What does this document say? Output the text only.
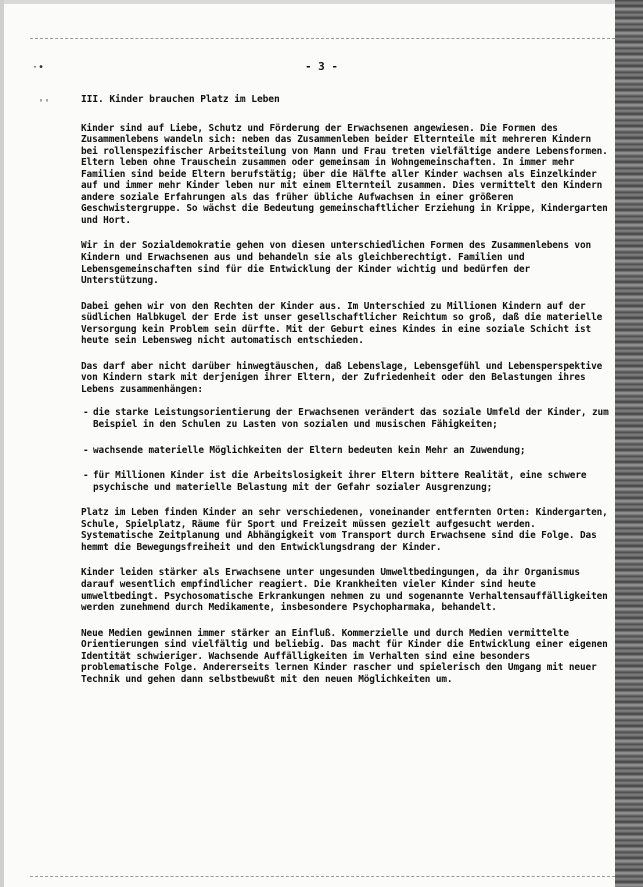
·•
''
- 3 -
III. Kinder brauchen Platz im Leben

Kinder sind auf Liebe, Schutz und Förderung der Erwachsenen angewiesen. Die Formen des Zusammenlebens wandeln sich: neben das Zusammenleben beider Elternteile mit mehreren Kindern bei rollenspezifischer Arbeitsteilung von Mann und Frau treten vielfältige andere Lebensformen. Eltern leben ohne Trauschein zusammen oder gemeinsam in Wohngemeinschaften. In immer mehr Familien sind beide Eltern berufstätig; über die Hälfte aller Kinder wachsen als Einzelkinder auf und immer mehr Kinder leben nur mit einem Elternteil zusammen. Dies vermittelt den Kindern andere soziale Erfahrungen als das früher übliche Aufwachsen in einer größeren Geschwistergruppe. So wächst die Bedeutung gemeinschaftlicher Erziehung in Krippe, Kindergarten und Hort.

Wir in der Sozialdemokratie gehen von diesen unterschiedlichen Formen des Zusammenlebens von Kindern und Erwachsenen aus und behandeln sie als gleichberechtigt. Familien und Lebensgemeinschaften sind für die Entwicklung der Kinder wichtig und bedürfen der Unterstützung.

Dabei gehen wir von den Rechten der Kinder aus. Im Unterschied zu Millionen Kindern auf der südlichen Halbkugel der Erde ist unser gesellschaftlicher Reichtum so groß, daß die materielle Versorgung kein Problem sein dürfte. Mit der Geburt eines Kindes in eine soziale Schicht ist heute sein Lebensweg nicht automatisch entschieden.

Das darf aber nicht darüber hinwegtäuschen, daß Lebenslage, Lebensgefühl und Lebensperspektive von Kindern stark mit derjenigen ihrer Eltern, der Zufriedenheit oder den Belastungen ihres Lebens zusammenhängen:

- die starke Leistungsorientierung der Erwachsenen verändert das soziale Umfeld der Kinder, zum Beispiel in den Schulen zu Lasten von sozialen und musischen Fähigkeiten;
- wachsende materielle Möglichkeiten der Eltern bedeuten kein Mehr an Zuwendung;
- für Millionen Kinder ist die Arbeitslosigkeit ihrer Eltern bittere Realität, eine schwere psychische und materielle Belastung mit der Gefahr sozialer Ausgrenzung;

Platz im Leben finden Kinder an sehr verschiedenen, voneinander entfernten Orten: Kindergarten, Schule, Spielplatz, Räume für Sport und Freizeit müssen gezielt aufgesucht werden. Systematische Zeitplanung und Abhängigkeit vom Transport durch Erwachsene sind die Folge. Das hemmt die Bewegungsfreiheit und den Entwicklungsdrang der Kinder.

Kinder leiden stärker als Erwachsene unter ungesunden Umweltbedingungen, da ihr Organismus darauf wesentlich empfindlicher reagiert. Die Krankheiten vieler Kinder sind heute umweltbedingt. Psychosomatische Erkrankungen nehmen zu und sogenannte Verhaltensauffälligkeiten werden zunehmend durch Medikamente, insbesondere Psychopharmaka, behandelt.

Neue Medien gewinnen immer stärker an Einfluß. Kommerzielle und durch Medien vermittelte Orientierungen sind vielfältig und beliebig. Das macht für Kinder die Entwicklung einer eigenen Identität schwieriger. Wachsende Auffälligkeiten im Verhalten sind eine besonders problematische Folge. Andererseits lernen Kinder rascher und spielerisch den Umgang mit neuer Technik und gehen dann selbstbewußt mit den neuen Möglichkeiten um.
